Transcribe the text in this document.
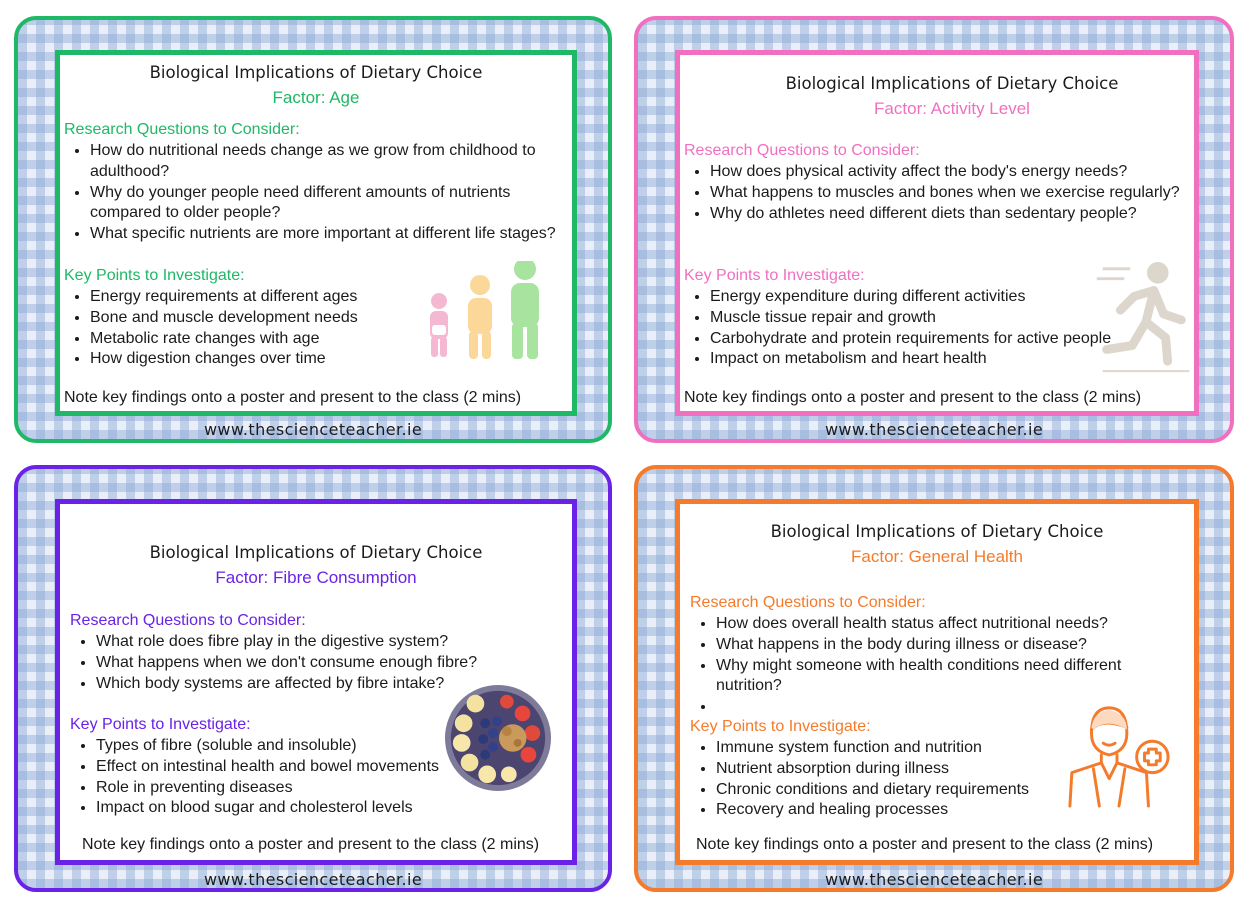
Biological Implications of Dietary Choice

Factor: Age

Research Questions to Consider:

• How do nutritional needs change as we grow from childhood to adulthood?
• Why do younger people need different amounts of nutrients compared to older people?
• What specific nutrients are more important at different life stages?

Key Points to Investigate:

• Energy requirements at different ages
• Bone and muscle development needs
• Metabolic rate changes with age
• How digestion changes over time

Note key findings onto a poster and present to the class (2 mins)

www.thescienceteacher.ie

Biological Implications of Dietary Choice

Factor: Activity Level

Research Questions to Consider:

• How does physical activity affect the body's energy needs?
• What happens to muscles and bones when we exercise regularly?
• Why do athletes need different diets than sedentary people?

Key Points to Investigate:

• Energy expenditure during different activities
• Muscle tissue repair and growth
• Carbohydrate and protein requirements for active people
• Impact on metabolism and heart health

Note key findings onto a poster and present to the class (2 mins)

www.thescienceteacher.ie

Biological Implications of Dietary Choice

Factor: Fibre Consumption

Research Questions to Consider:

• What role does fibre play in the digestive system?
• What happens when we don't consume enough fibre?
• Which body systems are affected by fibre intake?

Key Points to Investigate:

• Types of fibre (soluble and insoluble)
• Effect on intestinal health and bowel movements
• Role in preventing diseases
• Impact on blood sugar and cholesterol levels

Note key findings onto a poster and present to the class (2 mins)

www.thescienceteacher.ie

Biological Implications of Dietary Choice

Factor: General Health

Research Questions to Consider:

• How does overall health status affect nutritional needs?
• What happens in the body during illness or disease?
• Why might someone with health conditions need different nutrition?
•

Key Points to Investigate:

• Immune system function and nutrition
• Nutrient absorption during illness
• Chronic conditions and dietary requirements
• Recovery and healing processes

Note key findings onto a poster and present to the class (2 mins)

www.thescienceteacher.ie
